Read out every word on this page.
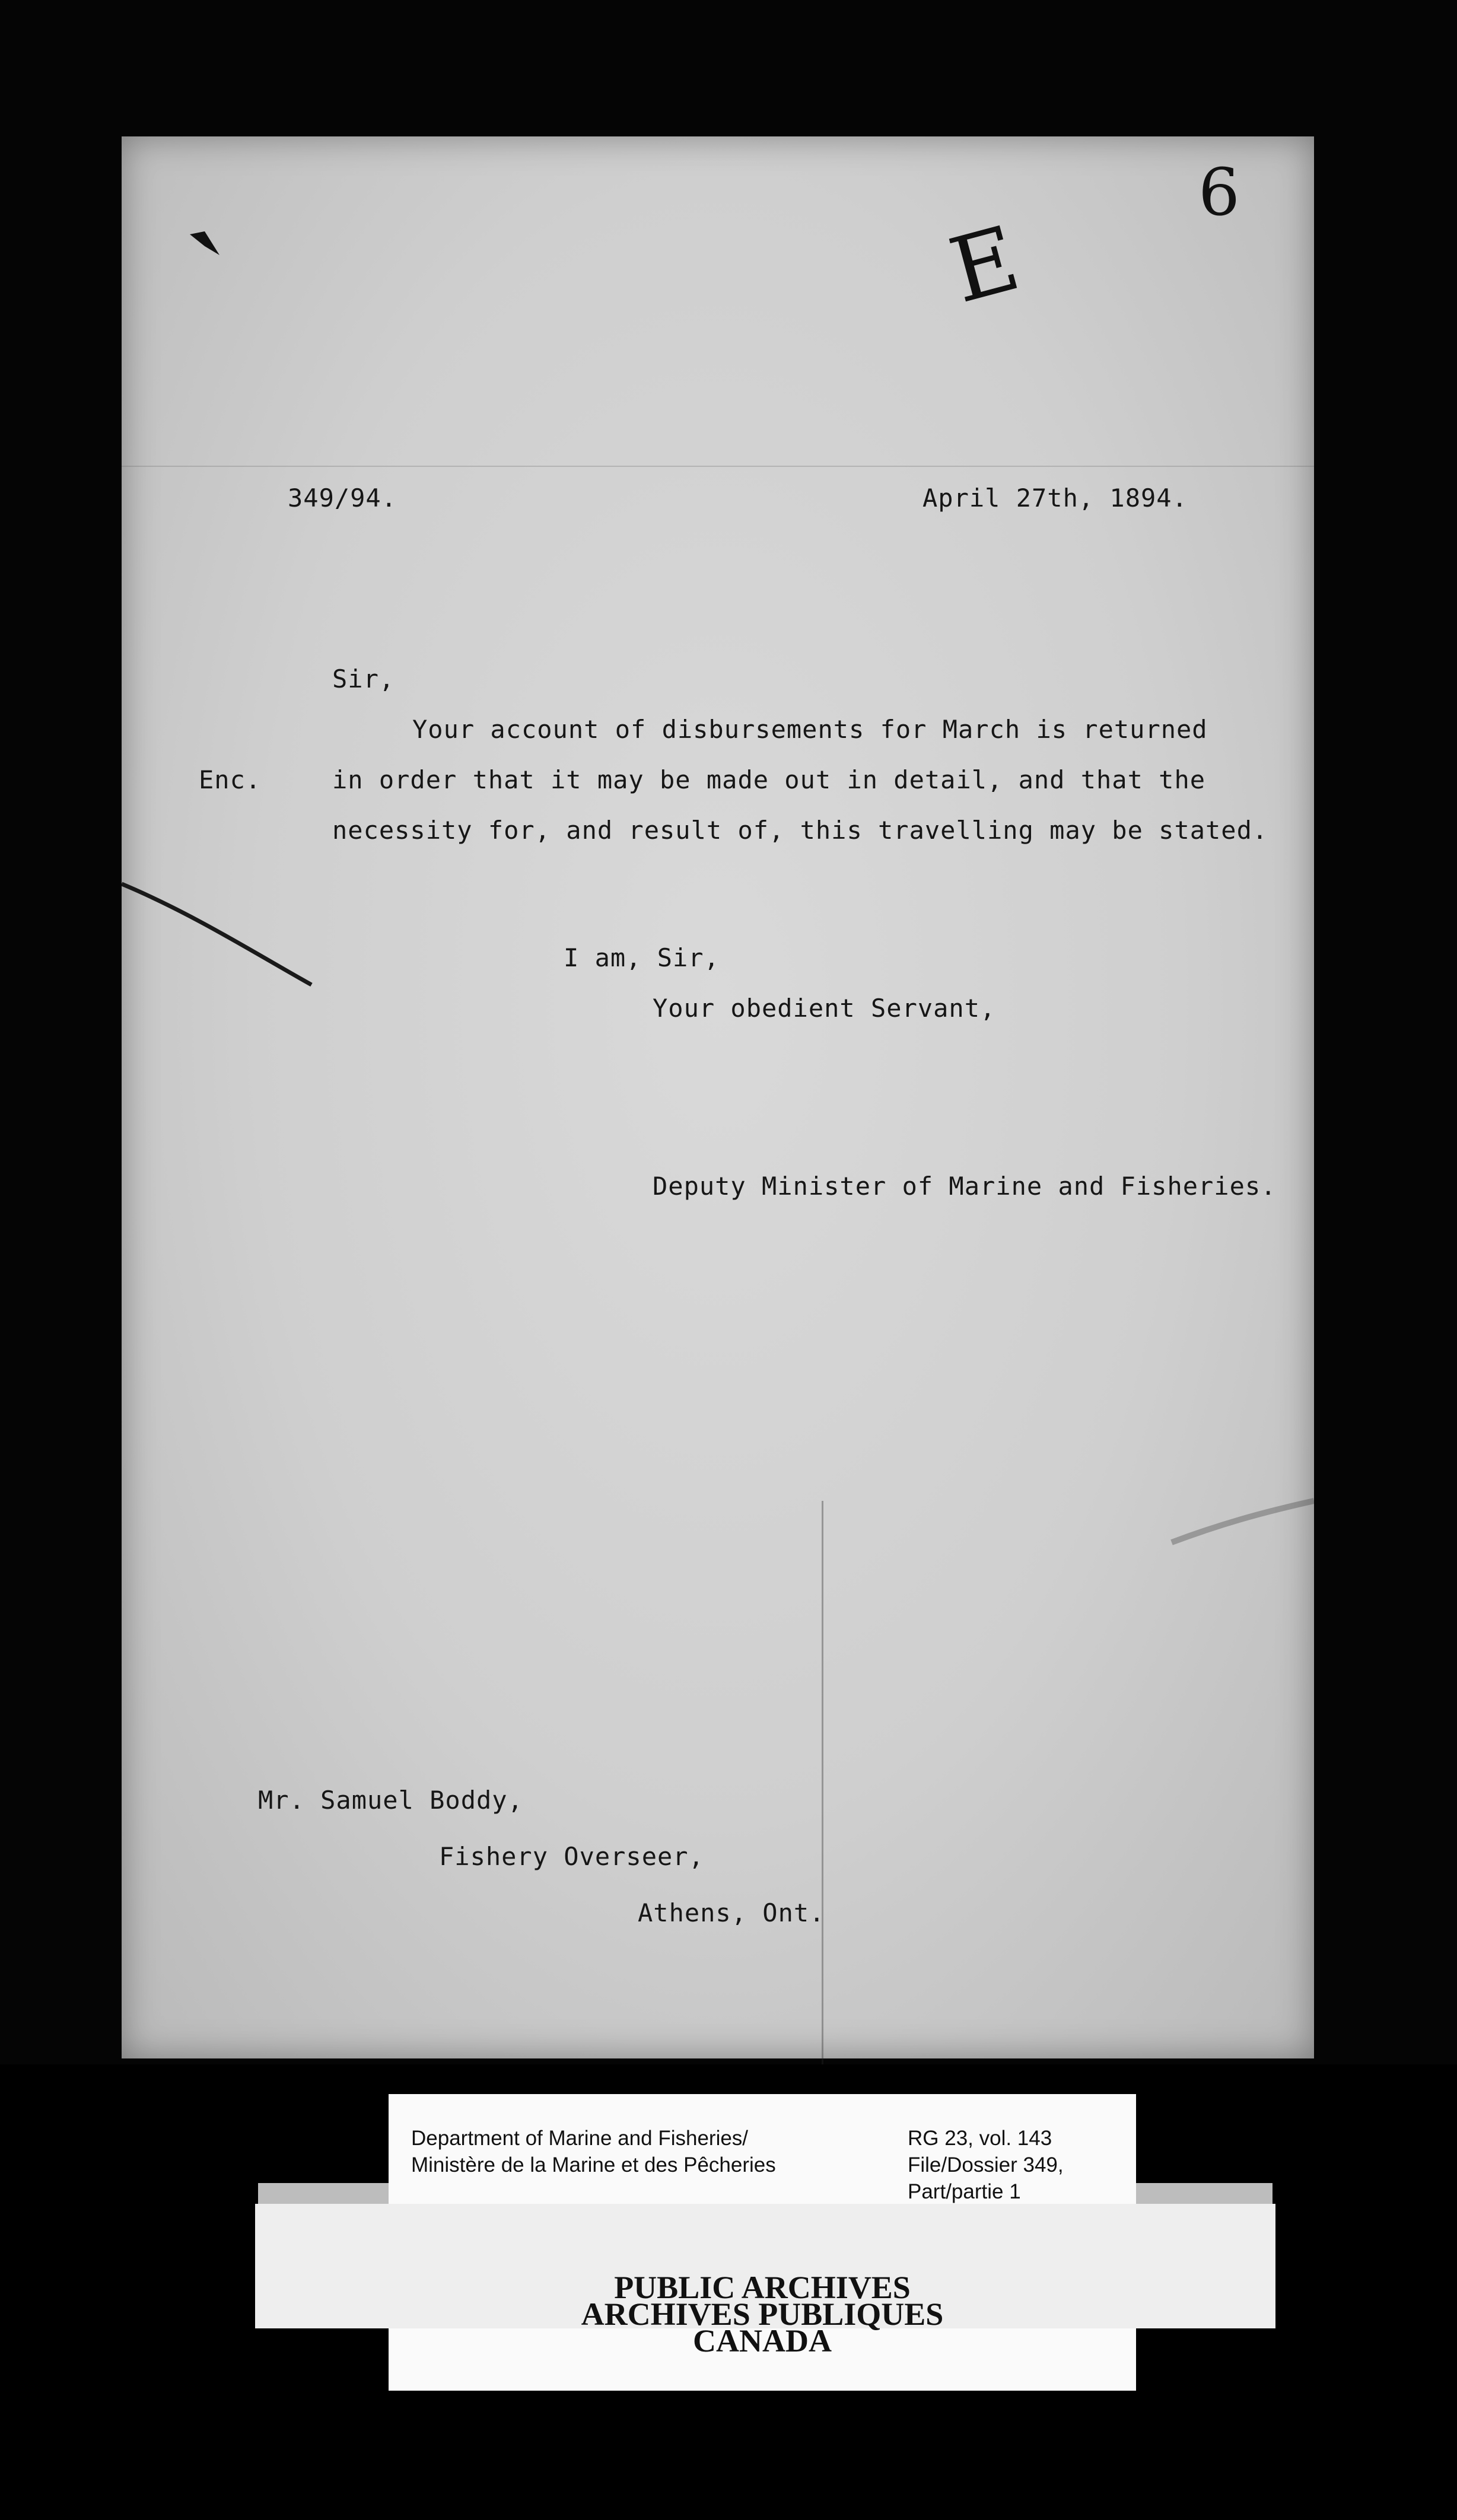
6
E
349/94.	April 27th, 1894.
Sir,
Your account of disbursements for March is returned
Enc.	in order that it may be made out in detail, and that the
necessity for, and result of, this travelling may be stated.
I am, Sir,
Your obedient Servant,
Deputy Minister of Marine and Fisheries.
Mr. Samuel Boddy,
Fishery Overseer,
Athens, Ont.
Department of Marine and Fisheries/
Ministère de la Marine et des Pêcheries
RG 23, vol. 143
File/Dossier 349,
Part/partie 1
PUBLIC ARCHIVES
ARCHIVES PUBLIQUES
CANADA
